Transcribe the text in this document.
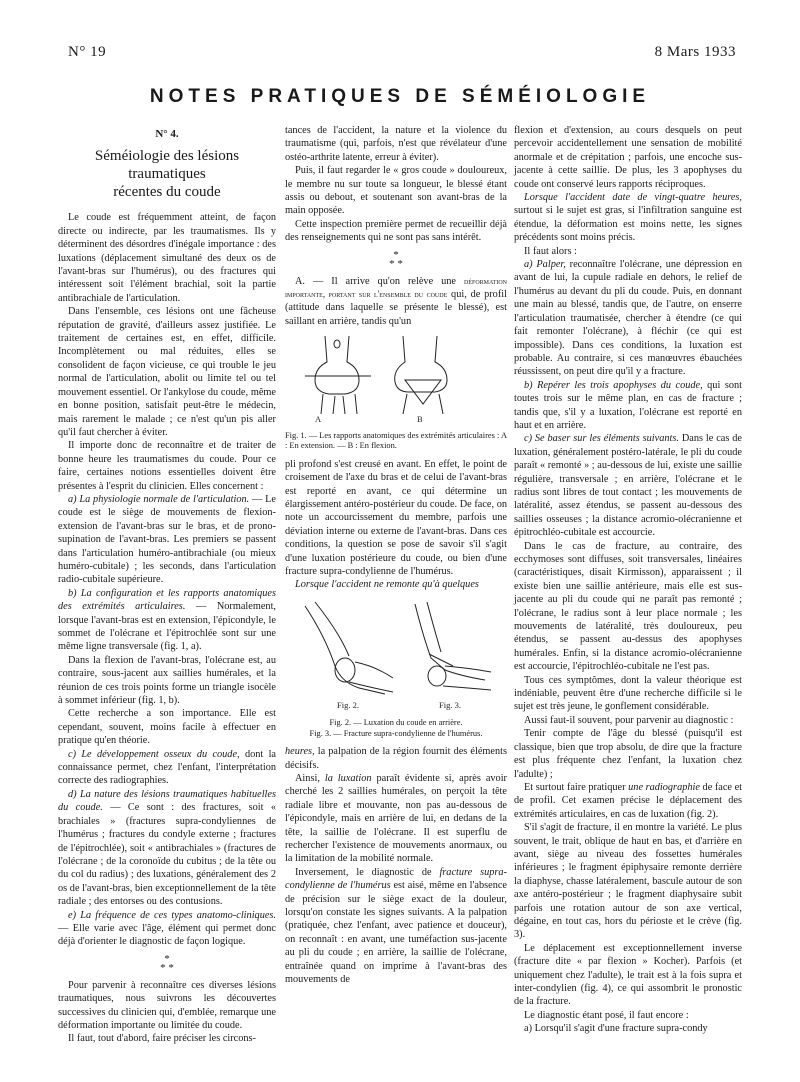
N° 19	8 Mars 1933
NOTES PRATIQUES DE SÉMÉIOLOGIE

N° 4.

Séméiologie des lésions traumatiques
récentes du coude

Le coude est fréquemment atteint, de façon directe ou indirecte, par les traumatismes. Ils y déterminent des désordres d'inégale importance : des luxations (déplacement simultané des deux os de l'avant-bras sur l'humérus), ou des fractures qui intéressent soit l'élément brachial, soit la partie antibrachiale de l'articulation.

Dans l'ensemble, ces lésions ont une fâcheuse réputation de gravité, d'ailleurs assez justifiée. Le traitement de certaines est, en effet, difficile. Incomplètement ou mal réduites, elles se consolident de façon vicieuse, ce qui trouble le jeu normal de l'articulation, abolit ou limite tel ou tel mouvement essentiel. Or l'ankylose du coude, même en bonne position, satisfait peut-être le médecin, mais rarement le malade ; ce n'est qu'un pis aller qu'il faut chercher à éviter.

Il importe donc de reconnaître et de traiter de bonne heure les traumatismes du coude. Pour ce faire, certaines notions essentielles doivent être présentes à l'esprit du clinicien. Elles concernent :

a) La physiologie normale de l'articulation. — Le coude est le siège de mouvements de flexion-extension de l'avant-bras sur le bras, et de prono-supination de l'avant-bras. Les premiers se passent dans l'articulation huméro-antibrachiale (ou mieux huméro-cubitale) ; les seconds, dans l'articulation radio-cubitale supérieure.

b) La configuration et les rapports anatomiques des extrémités articulaires. — Normalement, lorsque l'avant-bras est en extension, l'épicondyle, le sommet de l'olécrane et l'épitrochlée sont sur une même ligne transversale (fig. 1, a).

Dans la flexion de l'avant-bras, l'olécrane est, au contraire, sous-jacent aux saillies humérales, et la réunion de ces trois points forme un triangle isocèle à sommet inférieur (fig. 1, b).

Cette recherche a son importance. Elle est cependant, souvent, moins facile à effectuer en pratique qu'en théorie.

c) Le développement osseux du coude, dont la connaissance permet, chez l'enfant, l'interprétation correcte des radiographies.

d) La nature des lésions traumatiques habituelles du coude. — Ce sont : des fractures, soit « brachiales » (fractures supra-condyliennes de l'humérus ; fractures du condyle externe ; fractures de l'épitrochlée), soit « antibrachiales » (fractures de l'olécrane ; de la coronoïde du cubitus ; de la tête ou du col du radius) ; des luxations, généralement des 2 os de l'avant-bras, bien exceptionnellement de la tête radiale ; des entorses ou des contusions.

e) La fréquence de ces types anatomo-cliniques. — Elle varie avec l'âge, élément qui permet donc déjà d'orienter le diagnostic de façon logique.

*
* *

Pour parvenir à reconnaître ces diverses lésions traumatiques, nous suivrons les découvertes successives du clinicien qui, d'emblée, remarque une déformation importante ou limitée du coude.

Il faut, tout d'abord, faire préciser les circons-

tances de l'accident, la nature et la violence du traumatisme (qui, parfois, n'est que révélateur d'une ostéo-arthrite latente, erreur à éviter).

Puis, il faut regarder le « gros coude » douloureux, le membre nu sur toute sa longueur, le blessé étant assis ou debout, et soutenant son avant-bras de la main opposée.

Cette inspection première permet de recueillir déjà des renseignements qui ne sont pas sans intérêt.

*
* *

A. — Il arrive qu'on relève une déformation importante, portant sur l'ensemble du coude qui, de profil (attitude dans laquelle se présente le blessé), est saillant en arrière, tandis qu'un

A	B

Fig. 1. — Les rapports anatomiques des extrémités articulaires : A : En extension. — B : En flexion.

pli profond s'est creusé en avant. En effet, le point de croisement de l'axe du bras et de celui de l'avant-bras est reporté en avant, ce qui détermine un élargissement antéro-postérieur du coude. De face, on note un accourcissement du membre, parfois une déviation interne ou externe de l'avant-bras. Dans ces conditions, la question se pose de savoir s'il s'agit d'une luxation postérieure du coude, ou bien d'une fracture supra-condylienne de l'humérus.

Lorsque l'accident ne remonte qu'à quelques

Fig. 2.	Fig. 3.

Fig. 2. — Luxation du coude en arrière.
Fig. 3. — Fracture supra-condylienne de l'humérus.

heures, la palpation de la région fournit des éléments décisifs.

Ainsi, la luxation paraît évidente si, après avoir cherché les 2 saillies humérales, on perçoit la tête radiale libre et mouvante, non pas au-dessous de l'épicondyle, mais en arrière de lui, en dedans de la tête, la saillie de l'olécrane. Il est superflu de rechercher l'existence de mouvements anormaux, ou la limitation de la mobilité normale.

Inversement, le diagnostic de fracture supra-condylienne de l'humérus est aisé, même en l'absence de précision sur le siège exact de la douleur, lorsqu'on constate les signes suivants. A la palpation (pratiquée, chez l'enfant, avec patience et douceur), on reconnaît : en avant, une tuméfaction sus-jacente au pli du coude ; en arrière, la saillie de l'olécrane, entraînée quand on imprime à l'avant-bras des mouvements de

flexion et d'extension, au cours desquels on peut percevoir accidentellement une sensation de mobilité anormale et de crépitation ; parfois, une encoche sus-jacente à cette saillie. De plus, les 3 apophyses du coude ont conservé leurs rapports réciproques.

Lorsque l'accident date de vingt-quatre heures, surtout si le sujet est gras, si l'infiltration sanguine est étendue, la déformation est moins nette, les signes précédents sont moins précis.

Il faut alors :

a) Palper, reconnaître l'olécrane, une dépression en avant de lui, la cupule radiale en dehors, le relief de l'humérus au devant du pli du coude. Puis, en donnant une main au blessé, tandis que, de l'autre, on enserre l'articulation traumatisée, chercher à étendre (ce qui fait remonter l'olécrane), à fléchir (ce qui est impossible). Dans ces conditions, la luxation est probable. Au contraire, si ces manœuvres ébauchées réussissent, on peut dire qu'il y a fracture.

b) Repérer les trois apophyses du coude, qui sont toutes trois sur le même plan, en cas de fracture ; tandis que, s'il y a luxation, l'olécrane est reporté en haut et en arrière.

c) Se baser sur les éléments suivants. Dans le cas de luxation, généralement postéro-latérale, le pli du coude paraît « remonté » ; au-dessous de lui, existe une saillie régulière, transversale ; en arrière, l'olécrane et le radius sont libres de tout contact ; les mouvements de latéralité, assez étendus, se passent au-dessous des saillies osseuses ; la distance acromio-olécranienne et épitrochléo-cubitale est accourcie.

Dans le cas de fracture, au contraire, des ecchymoses sont diffuses, soit transversales, linéaires (caractéristiques, disait Kirmisson), apparaissent ; il existe bien une saillie antérieure, mais elle est sus-jacente au pli du coude qui ne paraît pas remonté ; l'olécrane, le radius sont à leur place normale ; les mouvements de latéralité, très douloureux, peu étendus, se passent au-dessus des apophyses humérales. Enfin, si la distance acromio-olécranienne est accourcie, l'épitrochléo-cubitale ne l'est pas.

Tous ces symptômes, dont la valeur théorique est indéniable, peuvent être d'une recherche difficile si le sujet est très jeune, le gonflement considérable.

Aussi faut-il souvent, pour parvenir au diagnostic :

Tenir compte de l'âge du blessé (puisqu'il est classique, bien que trop absolu, de dire que la fracture est plus fréquente chez l'enfant, la luxation chez l'adulte) ;

Et surtout faire pratiquer une radiographie de face et de profil. Cet examen précise le déplacement des extrémités articulaires, en cas de luxation (fig. 2).

S'il s'agit de fracture, il en montre la variété. Le plus souvent, le trait, oblique de haut en bas, et d'arrière en avant, siège au niveau des fossettes humérales inférieures ; le fragment épiphysaire remonte derrière la diaphyse, chasse latéralement, bascule autour de son axe antéro-postérieur ; le fragment diaphysaire subit parfois une rotation autour de son axe vertical, dégaine, en tout cas, hors du périoste et le crève (fig. 3).

Le déplacement est exceptionnellement inverse (fracture dite « par flexion » Kocher). Parfois (et uniquement chez l'adulte), le trait est à la fois supra et inter-condylien (fig. 4), ce qui assombrit le pronostic de la fracture.

Le diagnostic étant posé, il faut encore :

a) Lorsqu'il s'agit d'une fracture supra-condy
